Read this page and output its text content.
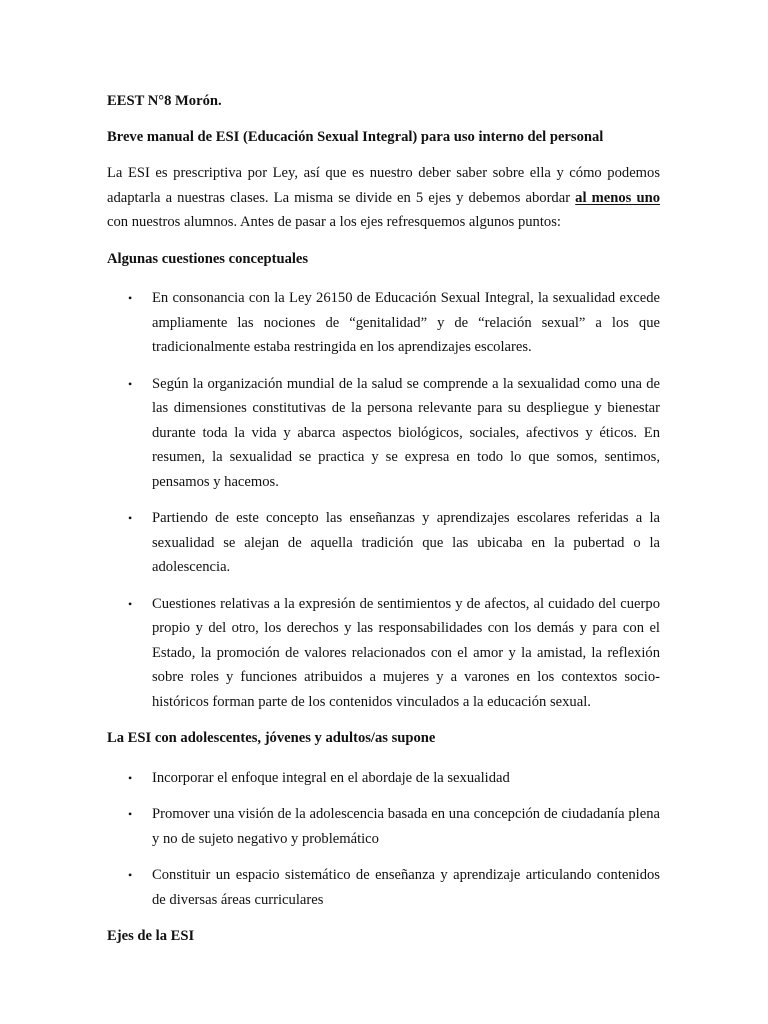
EEST N°8 Morón.

Breve manual de ESI (Educación Sexual Integral) para uso interno del personal

La ESI es prescriptiva por Ley, así que es nuestro deber saber sobre ella y cómo podemos adaptarla a nuestras clases. La misma se divide en 5 ejes y debemos abordar al menos uno con nuestros alumnos. Antes de pasar a los ejes refresquemos algunos puntos:

Algunas cuestiones conceptuales

• En consonancia con la Ley 26150 de Educación Sexual Integral, la sexualidad excede ampliamente las nociones de “genitalidad” y de “relación sexual” a los que tradicionalmente estaba restringida en los aprendizajes escolares.
• Según la organización mundial de la salud se comprende a la sexualidad como una de las dimensiones constitutivas de la persona relevante para su despliegue y bienestar durante toda la vida y abarca aspectos biológicos, sociales, afectivos y éticos. En resumen, la sexualidad se practica y se expresa en todo lo que somos, sentimos, pensamos y hacemos.
• Partiendo de este concepto las enseñanzas y aprendizajes escolares referidas a la sexualidad se alejan de aquella tradición que las ubicaba en la pubertad o la adolescencia.
• Cuestiones relativas a la expresión de sentimientos y de afectos, al cuidado del cuerpo propio y del otro, los derechos y las responsabilidades con los demás y para con el Estado, la promoción de valores relacionados con el amor y la amistad, la reflexión sobre roles y funciones atribuidos a mujeres y a varones en los contextos socio- históricos forman parte de los contenidos vinculados a la educación sexual.

La ESI con adolescentes, jóvenes y adultos/as supone

• Incorporar el enfoque integral en el abordaje de la sexualidad
• Promover una visión de la adolescencia basada en una concepción de ciudadanía plena y no de sujeto negativo y problemático
• Constituir un espacio sistemático de enseñanza y aprendizaje articulando contenidos de diversas áreas curriculares

Ejes de la ESI
